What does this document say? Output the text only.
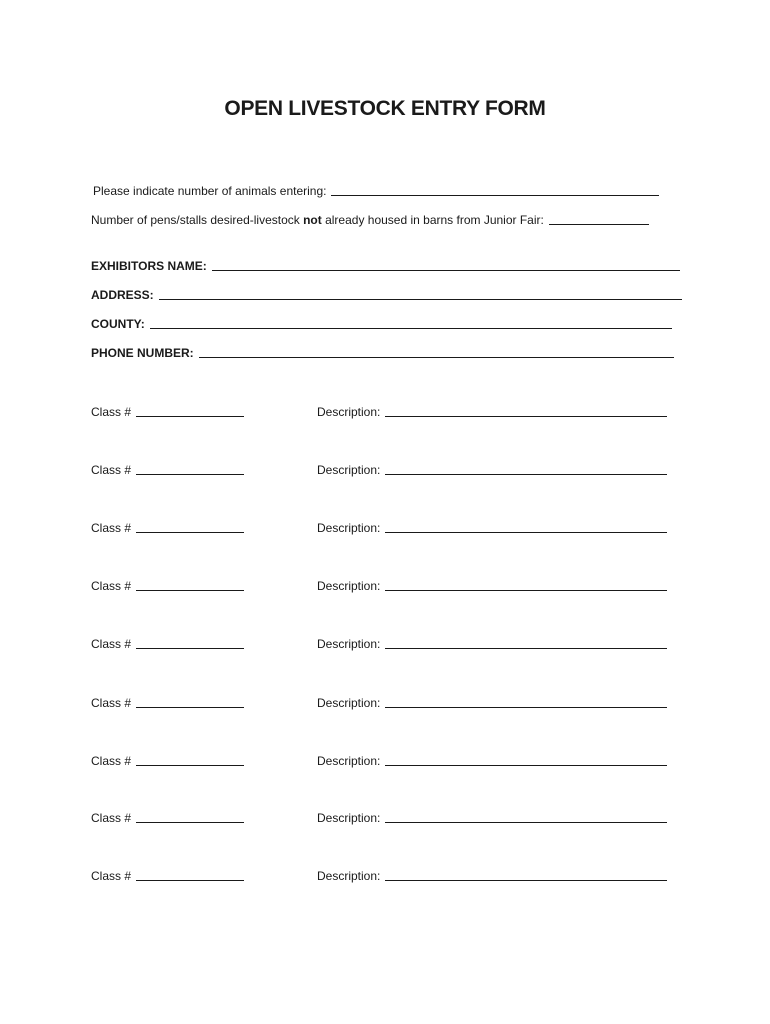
OPEN LIVESTOCK ENTRY FORM
Please indicate number of animals entering:
Number of pens/stalls desired-livestock not already housed in barns from Junior Fair:
EXHIBITORS NAME:
ADDRESS:
COUNTY:
PHONE NUMBER:
Class #	Description:
Class #	Description:
Class #	Description:
Class #	Description:
Class #	Description:
Class #	Description:
Class #	Description:
Class #	Description:
Class #	Description:
